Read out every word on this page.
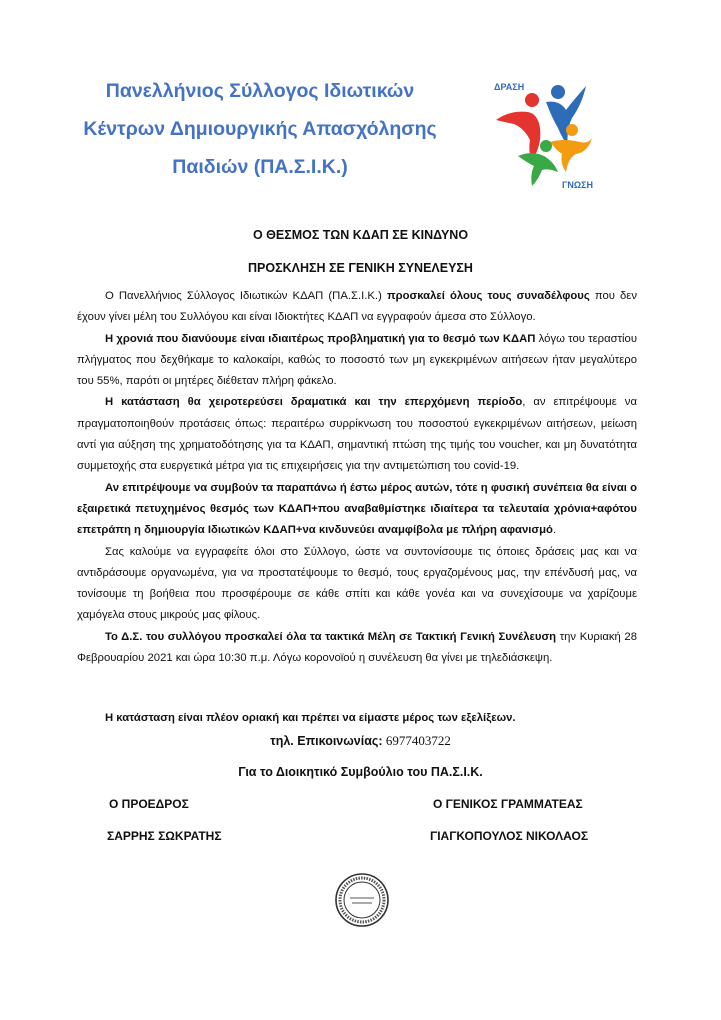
Πανελλήνιος Σύλλογος Ιδιωτικών
Κέντρων Δημιουργικής Απασχόλησης
Παιδιών (ΠΑ.Σ.Ι.Κ.)
ΔΡΑΣΗ
ΓΝΩΣΗ
Ο ΘΕΣΜΟΣ ΤΩΝ ΚΔΑΠ ΣΕ ΚΙΝΔΥΝΟ
ΠΡΟΣΚΛΗΣΗ ΣΕ ΓΕΝΙΚΗ ΣΥΝΕΛΕΥΣΗ

Ο Πανελλήνιος Σύλλογος Ιδιωτικών ΚΔΑΠ (ΠΑ.Σ.Ι.Κ.) προσκαλεί όλους τους συναδέλφους που δεν έχουν γίνει μέλη του Συλλόγου και είναι Ιδιοκτήτες ΚΔΑΠ να εγγραφούν άμεσα στο Σύλλογο.

Η χρονιά που διανύουμε είναι ιδιαιτέρως προβληματική για το θεσμό των ΚΔΑΠ λόγω του τεραστίου πλήγματος που δεχθήκαμε το καλοκαίρι, καθώς το ποσοστό των μη εγκεκριμένων αιτήσεων ήταν μεγαλύτερο του 55%, παρότι οι μητέρες διέθεταν πλήρη φάκελο.

Η κατάσταση θα χειροτερεύσει δραματικά και την επερχόμενη περίοδο, αν επιτρέψουμε να πραγματοποιηθούν προτάσεις όπως: περαιτέρω συρρίκνωση του ποσοστού εγκεκριμένων αιτήσεων, μείωση αντί για αύξηση της χρηματοδότησης για τα ΚΔΑΠ, σημαντική πτώση της τιμής του voucher, και μη δυνατότητα συμμετοχής στα ευεργετικά μέτρα για τις επιχειρήσεις για την αντιμετώπιση του covid-19.

Αν επιτρέψουμε να συμβούν τα παραπάνω ή έστω μέρος αυτών, τότε η φυσική συνέπεια θα είναι ο εξαιρετικά πετυχημένος θεσμός των ΚΔΑΠ+που αναβαθμίστηκε ιδιαίτερα τα τελευταία χρόνια+αφότου επετράπη η δημιουργία Ιδιωτικών ΚΔΑΠ+να κινδυνεύει αναμφίβολα με πλήρη αφανισμό.

Σας καλούμε να εγγραφείτε όλοι στο Σύλλογο, ώστε να συντονίσουμε τις όποιες δράσεις μας και να αντιδράσουμε οργανωμένα, για να προστατέψουμε το θεσμό, τους εργαζομένους μας, την επένδυσή μας, να τονίσουμε τη βοήθεια που προσφέρουμε σε κάθε σπίτι και κάθε γονέα και να συνεχίσουμε να χαρίζουμε χαμόγελα στους μικρούς μας φίλους.

Το Δ.Σ. του συλλόγου προσκαλεί όλα τα τακτικά Μέλη σε Τακτική Γενική Συνέλευση την Κυριακή 28 Φεβρουαρίου 2021 και ώρα 10:30 π.μ. Λόγω κορονοϊού η συνέλευση θα γίνει με τηλεδιάσκεψη.

Η κατάσταση είναι πλέον οριακή και πρέπει να είμαστε μέρος των εξελίξεων.
τηλ. Επικοινωνίας: 6977403722
Για το Διοικητικό Συμβούλιο του ΠΑ.Σ.Ι.Κ.
Ο ΠΡΟΕΔΡΟΣ	Ο ΓΕΝΙΚΟΣ ΓΡΑΜΜΑΤΕΑΣ
ΣΑΡΡΗΣ ΣΩΚΡΑΤΗΣ	ΓΙΑΓΚΟΠΟΥΛΟΣ ΝΙΚΟΛΑΟΣ
